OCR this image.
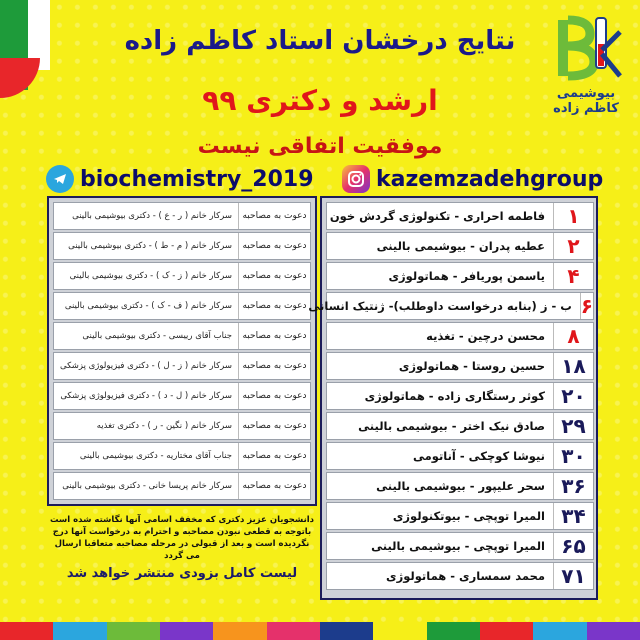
بیوشیمی
کاظم زاده
نتایج درخشان استاد کاظم زاده
ارشد و دکتری ۹۹
موفقیت اتفاقی نیست
biochemistry_2019	kazemzadehgroup
دعوت به مصاحبه
سرکار خانم ( ر - ع ) - دکتری بیوشیمی بالینی
دعوت به مصاحبه
سرکار خانم ( م - ط ) - دکتری بیوشیمی بالینی
دعوت به مصاحبه
سرکار خانم ( ز - ک ) - دکتری بیوشیمی بالینی
دعوت به مصاحبه
سرکار خانم ( ف - ک ) - دکتری بیوشیمی بالینی
دعوت به مصاحبه
جناب آقای رییسی - دکتری بیوشیمی بالینی
دعوت به مصاحبه
سرکار خانم ( ز - ل ) - دکتری فیزیولوژی پزشکی
دعوت به مصاحبه
سرکار خانم ( ل - د ) - دکتری فیزیولوژی پزشکی
دعوت به مصاحبه
سرکار خانم ( نگین - ر ) - دکتری تغذیه
دعوت به مصاحبه
جناب آقای مختاریه - دکتری بیوشیمی بالینی
دعوت به مصاحبه
سرکار خانم پریسا خانی - دکتری بیوشیمی بالینی
دانشجویان عزیز دکتری که مخفف اسامی آنها نگاشته شده است باتوجه به قطعی نبودن مصاحبه و احترام به درخواست آنها درج نگردیده است و بعد از قبولی در مرحله مصاحبه متعاقبا ارسال می گردد
لیست کامل بزودی منتشر خواهد شد
۱
فاطمه احراری - تکنولوژی گردش خون
۲
عطیه پدران - بیوشیمی بالینی
۴
یاسمن پوریافر - هماتولوژی
۶
ب - ز (بنابه درخواست داوطلب)- ژنتیک انسانی
۸
محسن درچین - تغذیه
۱۸
حسین روستا - هماتولوژی
۲۰
کوثر رستگاری زاده - هماتولوژی
۲۹
صادق نیک اختر - بیوشیمی بالینی
۳۰
نیوشا کوچکی - آناتومی
۳۶
سحر علیپور - بیوشیمی بالینی
۳۴
المیرا توپچی - بیوتکنولوژی
۶۵
المیرا توپچی - بیوشیمی بالینی
۷۱
محمد سمساری - هماتولوژی
